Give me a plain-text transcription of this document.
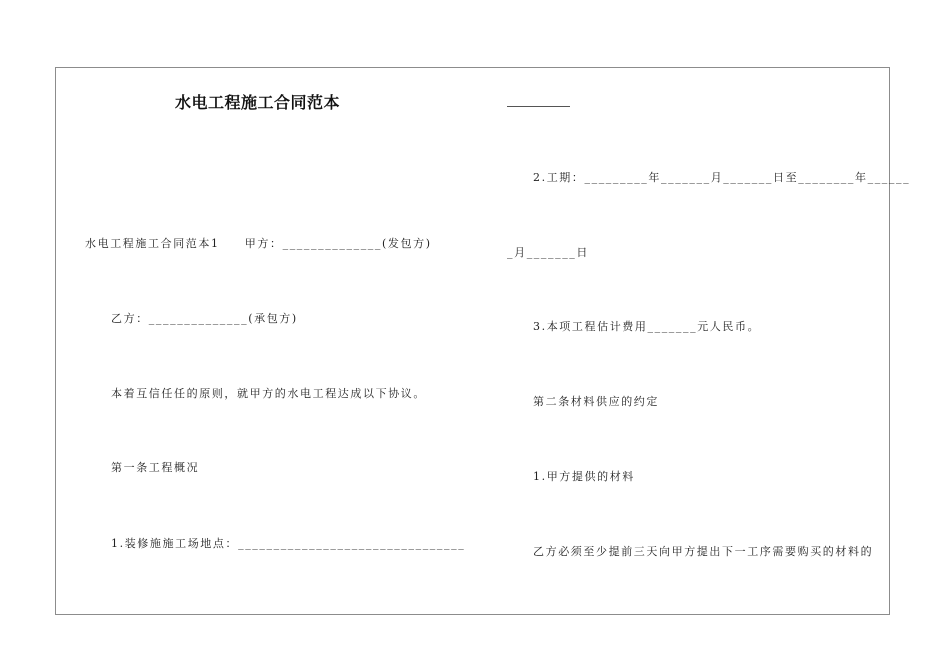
水电工程施工合同范本
水电工程施工合同范本1　　甲方：______________(发包方)
乙方：______________(承包方)
本着互信任任的原则，就甲方的水电工程达成以下协议。
第一条工程概况
1.装修施施工场地点：________________________________
2.工期：_________年_______月_______日至________年______
_月_______日
3.本项工程估计费用_______元人民币。
第二条材料供应的约定
1.甲方提供的材料
乙方必须至少提前三天向甲方提出下一工序需要购买的材料的
